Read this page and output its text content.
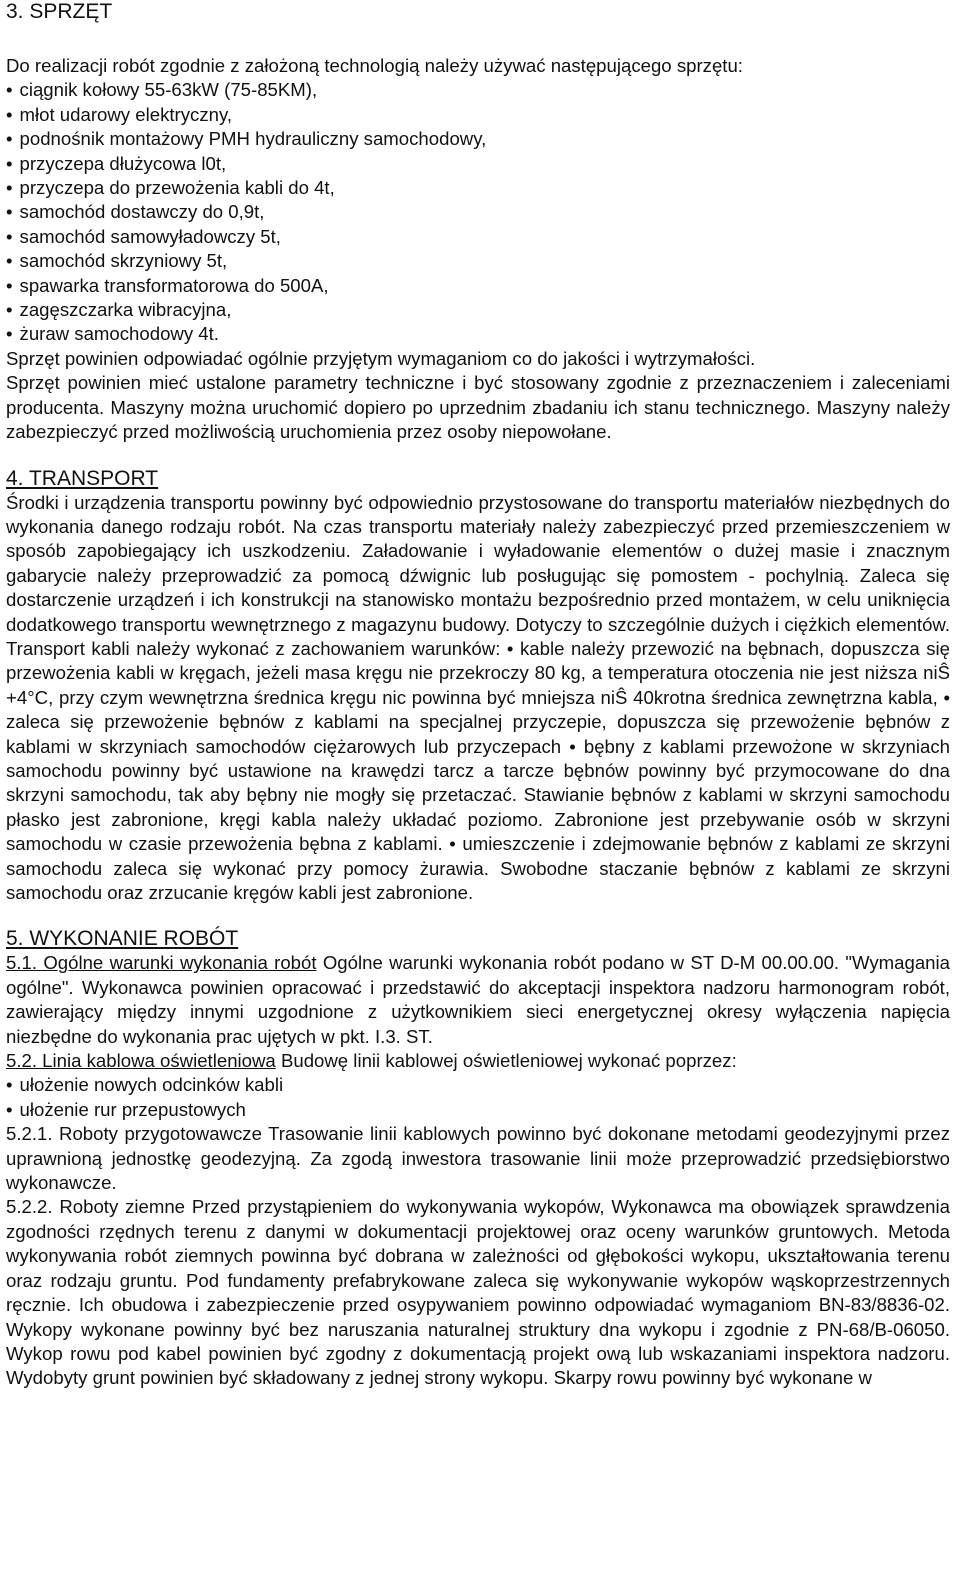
3. SPRZĘT

Do realizacji robót zgodnie z założoną technologią należy używać następującego sprzętu:

• ciągnik kołowy 55-63kW (75-85KM),
• młot udarowy elektryczny,
• podnośnik montażowy PMH hydrauliczny samochodowy,
• przyczepa dłużycowa l0t,
• przyczepa do przewożenia kabli do 4t,
• samochód dostawczy do 0,9t,
• samochód samowyładowczy 5t,
• samochód skrzyniowy 5t,
• spawarka transformatorowa do 500A,
• zagęszczarka wibracyjna,
• żuraw samochodowy 4t.

Sprzęt powinien odpowiadać ogólnie przyjętym wymaganiom co do jakości i wytrzymałości.

Sprzęt powinien mieć ustalone parametry techniczne i być stosowany zgodnie z przeznaczeniem i zaleceniami producenta. Maszyny można uruchomić dopiero po uprzednim zbadaniu ich stanu technicznego. Maszyny należy zabezpieczyć przed możliwością uruchomienia przez osoby niepowołane.

4. TRANSPORT

Środki i urządzenia transportu powinny być odpowiednio przystosowane do transportu materiałów niezbędnych do wykonania danego rodzaju robót. Na czas transportu materiały należy zabezpieczyć przed przemieszczeniem w sposób zapobiegający ich uszkodzeniu. Załadowanie i wyładowanie elementów o dużej masie i znacznym gabarycie należy przeprowadzić za pomocą dźwignic lub posługując się pomostem - pochylnią. Zaleca się dostarczenie urządzeń i ich konstrukcji na stanowisko montażu bezpośrednio przed montażem, w celu uniknięcia dodatkowego transportu wewnętrznego z magazynu budowy. Dotyczy to szczególnie dużych i ciężkich elementów. Transport kabli należy wykonać z zachowaniem warunków: • kable należy przewozić na bębnach, dopuszcza się przewożenia kabli w kręgach, jeżeli masa kręgu nie przekroczy 80 kg, a temperatura otoczenia nie jest niższa niŜ +4°C, przy czym wewnętrzna średnica kręgu nic powinna być mniejsza niŜ 40krotna średnica zewnętrzna kabla, • zaleca się przewożenie bębnów z kablami na specjalnej przyczepie, dopuszcza się przewożenie bębnów z kablami w skrzyniach samochodów ciężarowych lub przyczepach • bębny z kablami przewożone w skrzyniach samochodu powinny być ustawione na krawędzi tarcz a tarcze bębnów powinny być przymocowane do dna skrzyni samochodu, tak aby bębny nie mogły się przetaczać. Stawianie bębnów z kablami w skrzyni samochodu płasko jest zabronione, kręgi kabla należy układać poziomo. Zabronione jest przebywanie osób w skrzyni samochodu w czasie przewożenia bębna z kablami. • umieszczenie i zdejmowanie bębnów z kablami ze skrzyni samochodu zaleca się wykonać przy pomocy żurawia. Swobodne staczanie bębnów z kablami ze skrzyni samochodu oraz zrzucanie kręgów kabli jest zabronione.

5. WYKONANIE ROBÓT

5.1. Ogólne warunki wykonania robót Ogólne warunki wykonania robót podano w ST D-M 00.00.00. "Wymagania ogólne". Wykonawca powinien opracować i przedstawić do akceptacji inspektora nadzoru harmonogram robót, zawierający między innymi uzgodnione z użytkownikiem sieci energetycznej okresy wyłączenia napięcia niezbędne do wykonania prac ujętych w pkt. I.3. ST.

5.2. Linia kablowa oświetleniowa Budowę linii kablowej oświetleniowej wykonać poprzez:

• ułożenie nowych odcinków kabli
• ułożenie rur przepustowych

5.2.1. Roboty przygotowawcze Trasowanie linii kablowych powinno być dokonane metodami geodezyjnymi przez uprawnioną jednostkę geodezyjną. Za zgodą inwestora trasowanie linii może przeprowadzić przedsiębiorstwo wykonawcze.

5.2.2. Roboty ziemne Przed przystąpieniem do wykonywania wykopów, Wykonawca ma obowiązek sprawdzenia zgodności rzędnych terenu z danymi w dokumentacji projektowej oraz oceny warunków gruntowych. Metoda wykonywania robót ziemnych powinna być dobrana w zależności od głębokości wykopu, ukształtowania terenu oraz rodzaju gruntu. Pod fundamenty prefabrykowane zaleca się wykonywanie wykopów wąskoprzestrzennych ręcznie. Ich obudowa i zabezpieczenie przed osypywaniem powinno odpowiadać wymaganiom BN-83/8836-02. Wykopy wykonane powinny być bez naruszania naturalnej struktury dna wykopu i zgodnie z PN-68/B-06050. Wykop rowu pod kabel powinien być zgodny z dokumentacją projekt ową lub wskazaniami inspektora nadzoru. Wydobyty grunt powinien być składowany z jednej strony wykopu. Skarpy rowu powinny być wykonane w
